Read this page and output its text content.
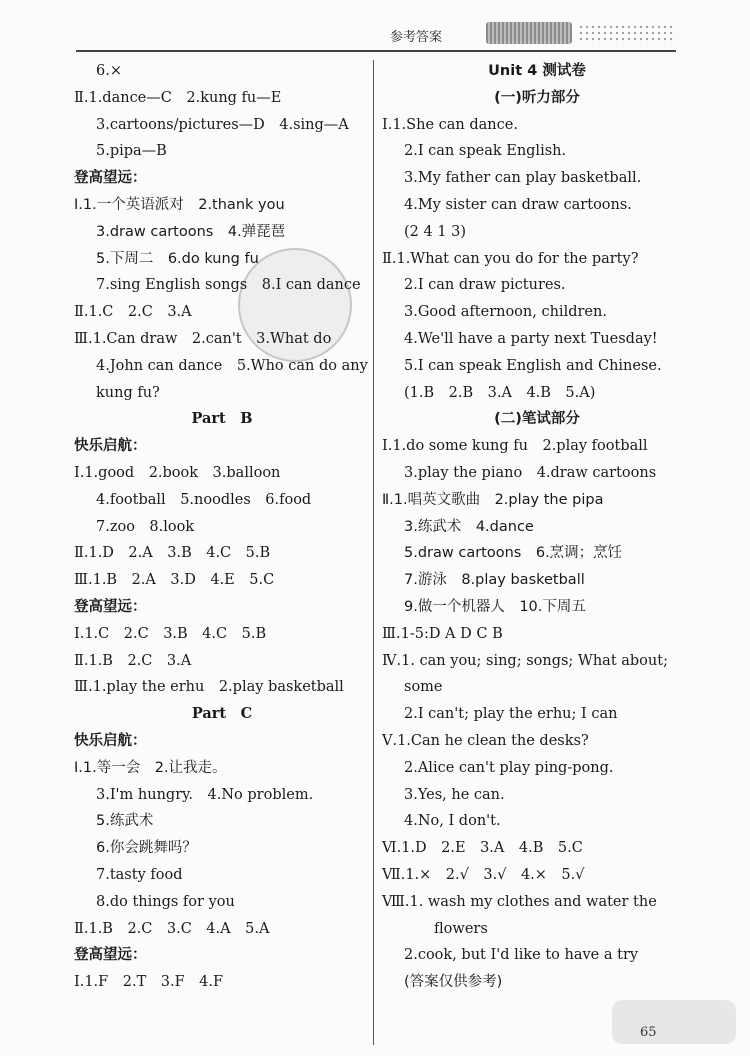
参考答案
6.×
Ⅱ.1.dance—C　2.kung fu—E
3.cartoons/pictures—D　4.sing—A
5.pipa—B
登高望远：
Ⅰ.1.一个英语派对　2.thank you
3.draw cartoons　4.弹琵琶
5.下周二　6.do kung fu
7.sing English songs　8.I can dance
Ⅱ.1.C　2.C　3.A
Ⅲ.1.Can draw　2.can't　3.What do
4.John can dance　5.Who can do any
kung fu?
Part　B
快乐启航：
Ⅰ.1.good　2.book　3.balloon
4.football　5.noodles　6.food
7.zoo　8.look
Ⅱ.1.D　2.A　3.B　4.C　5.B
Ⅲ.1.B　2.A　3.D　4.E　5.C
登高望远：
Ⅰ.1.C　2.C　3.B　4.C　5.B
Ⅱ.1.B　2.C　3.A
Ⅲ.1.play the erhu　2.play basketball
Part　C
快乐启航：
Ⅰ.1.等一会　2.让我走。
3.I'm hungry.　4.No problem.
5.练武术
6.你会跳舞吗？
7.tasty food
8.do things for you
Ⅱ.1.B　2.C　3.C　4.A　5.A
登高望远：
Ⅰ.1.F　2.T　3.F　4.F
Unit 4 测试卷
(一)听力部分
Ⅰ.1.She can dance.
2.I can speak English.
3.My father can play basketball.
4.My sister can draw cartoons.
(2 4 1 3)
Ⅱ.1.What can you do for the party?
2.I can draw pictures.
3.Good afternoon, children.
4.We'll have a party next Tuesday!
5.I can speak English and Chinese.
(1.B　2.B　3.A　4.B　5.A)
(二)笔试部分
Ⅰ.1.do some kung fu　2.play football
3.play the piano　4.draw cartoons
Ⅱ.1.唱英文歌曲　2.play the pipa
3.练武术　4.dance
5.draw cartoons　6.烹调；烹饪
7.游泳　8.play basketball
9.做一个机器人　10.下周五
Ⅲ.1-5:D A D C B
Ⅳ.1. can you; sing; songs; What about;
some
2.I can't; play the erhu; I can
Ⅴ.1.Can he clean the desks?
2.Alice can't play ping-pong.
3.Yes, he can.
4.No, I don't.
Ⅵ.1.D　2.E　3.A　4.B　5.C
Ⅶ.1.×　2.√　3.√　4.×　5.√
Ⅷ.1. wash my clothes and water the
flowers
2.cook, but I'd like to have a try
(答案仅供参考)
65
